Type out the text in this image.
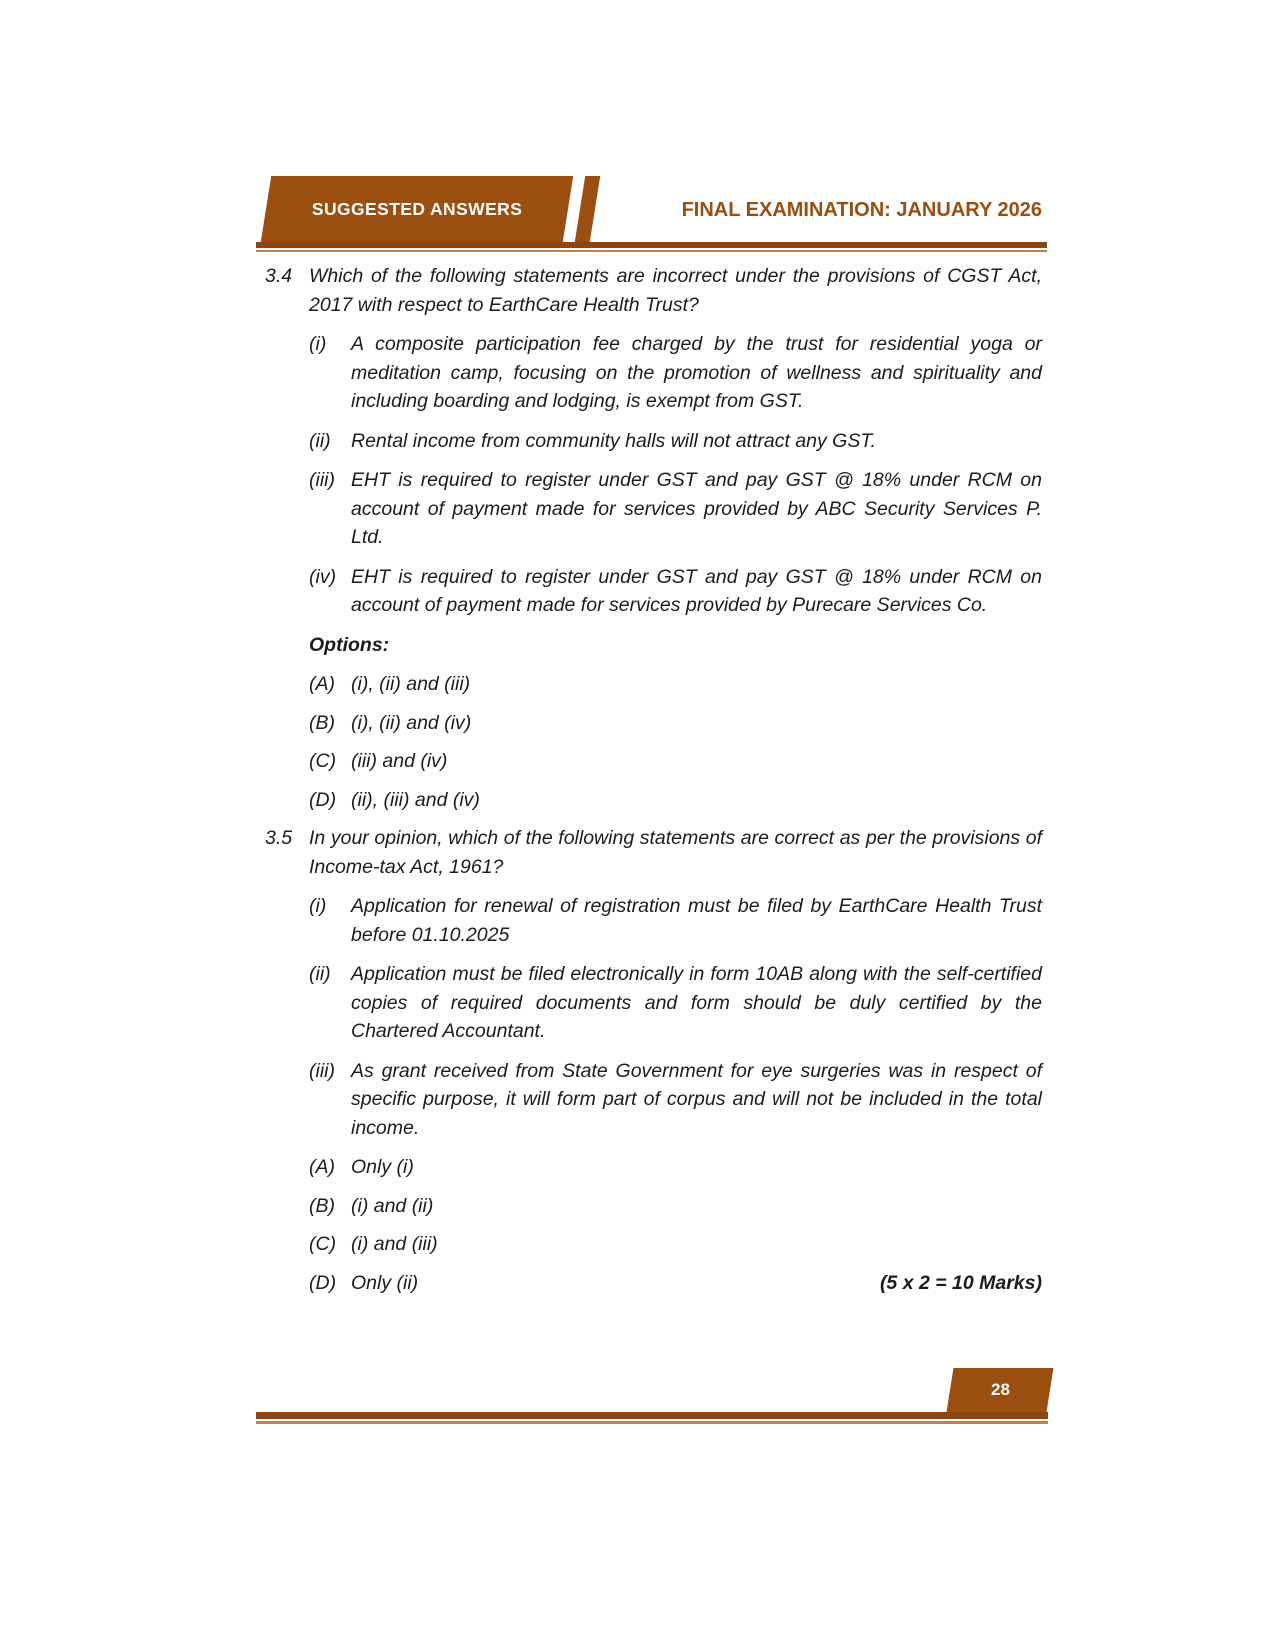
SUGGESTED ANSWERS	FINAL EXAMINATION: JANUARY 2026
3.4 Which of the following statements are incorrect under the provisions of CGST Act, 2017 with respect to EarthCare Health Trust?

(i)	A composite participation fee charged by the trust for residential yoga or meditation camp, focusing on the promotion of wellness and spirituality and including boarding and lodging, is exempt from GST.

(ii)	Rental income from community halls will not attract any GST.

(iii) EHT is required to register under GST and pay GST @ 18% under RCM on account of payment made for services provided by ABC Security Services P. Ltd.

(iv) EHT is required to register under GST and pay GST @ 18% under RCM on account of payment made for services provided by Purecare Services Co.

Options:
(A) (i), (ii) and (iii)

(B) (i), (ii) and (iv)

(C) (iii) and (iv)

(D) (ii), (iii) and (iv)

3.5 In your opinion, which of the following statements are correct as per the provisions of Income-tax Act, 1961?

(i)	Application for renewal of registration must be filed by EarthCare Health Trust before 01.10.2025

(ii)	Application must be filed electronically in form 10AB along with the self-certified copies of required documents and form should be duly certified by the Chartered Accountant.

(iii) As grant received from State Government for eye surgeries was in respect of specific purpose, it will form part of corpus and will not be included in the total income.

(A) Only (i)

(B) (i) and (ii)

(C) (i) and (iii)

(D) Only (ii)	(5 x 2 = 10 Marks)

28
